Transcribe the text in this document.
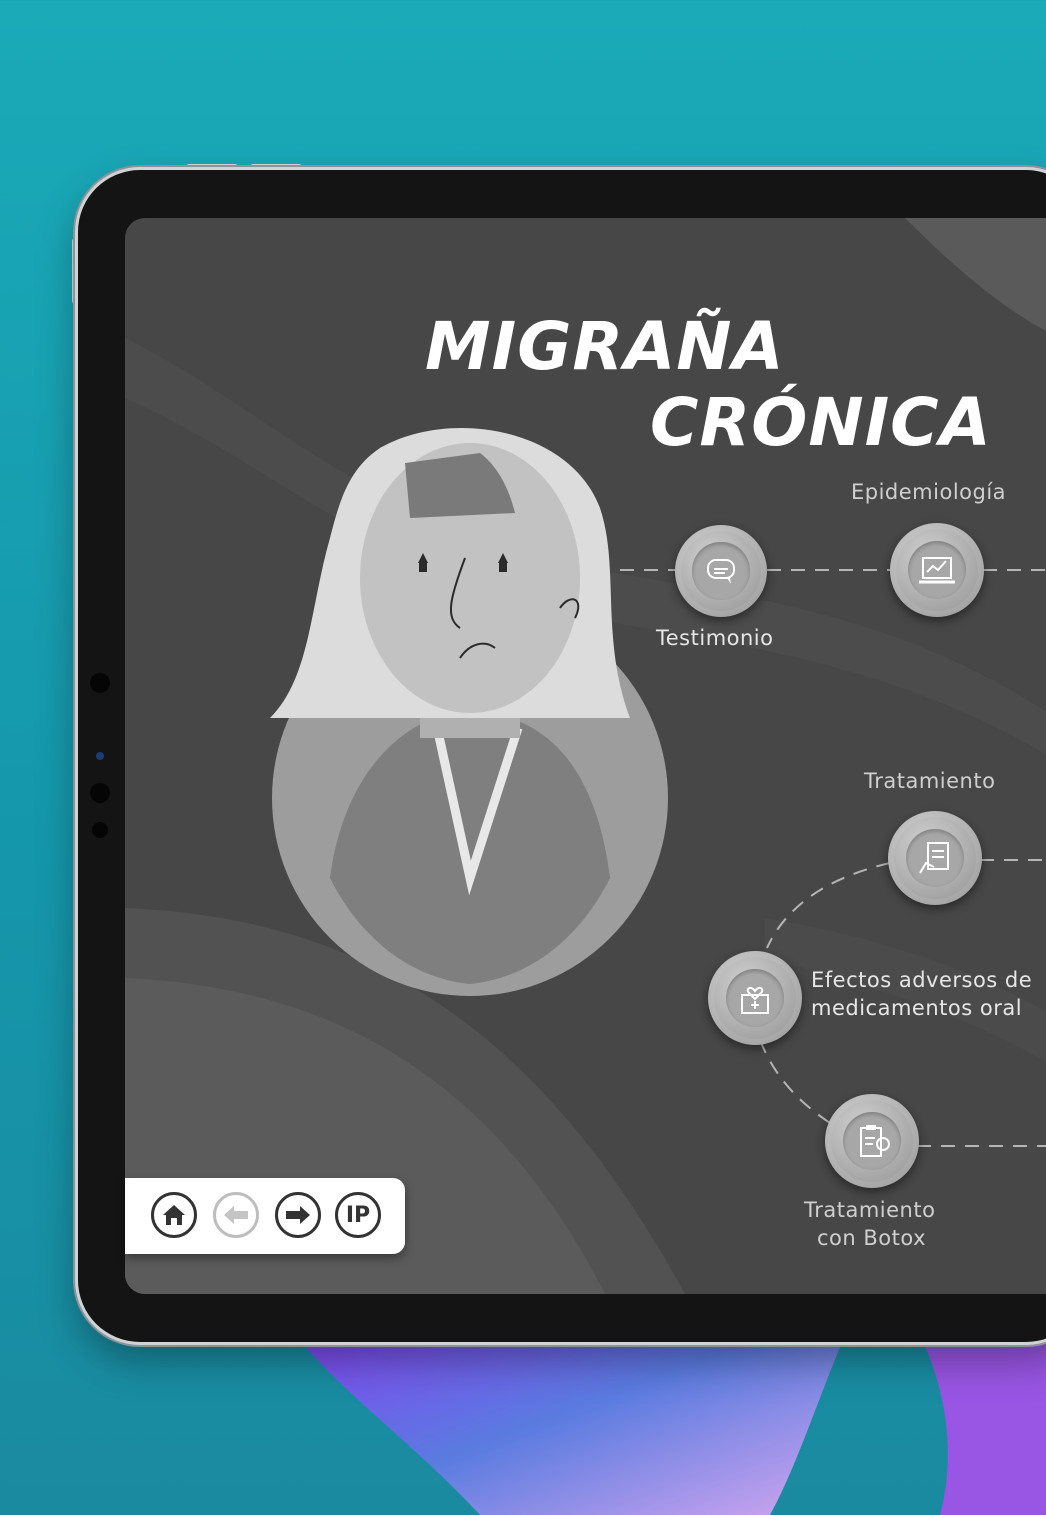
MIGRAÑA
CRÓNICA
Testimonio
Epidemiología
Tratamiento
Efectos adversos de
medicamentos oral
Tratamiento
con Botox
IP
